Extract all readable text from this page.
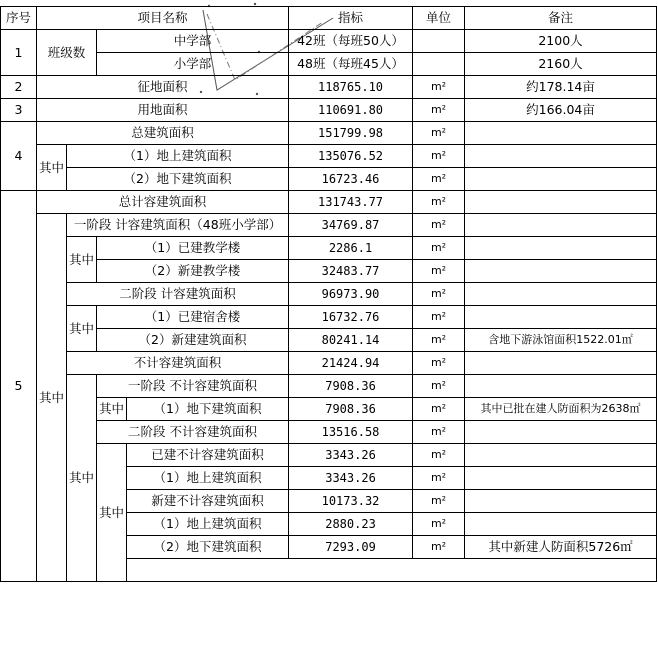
序号	项目名称				指标	单位	备注	
1	班级数		中学部		42班（每班50人）		2100人	
			小学部		48班（每班45人）		2160人	
2	征地面积				118765.10	m²	约178.14亩	
3	用地面积				110691.80	m²	约166.04亩	
4	总建筑面积				151799.98	m²		
	其中	（1）地上建筑面积			135076.52	m²		
		（2）地下建筑面积			16723.46	m²		
5	总计容建筑面积				131743.77	m²		
	其中	一阶段 计容建筑面积（48班小学部）			34769.87	m²		
		其中	（1）已建教学楼		2286.1	m²		
			（2）新建教学楼		32483.77	m²		
		二阶段 计容建筑面积			96973.90	m²		
		其中	（1）已建宿舍楼		16732.76	m²		
			（2）新建建筑面积		80241.14	m²	含地下游泳馆面积1522.01㎡	
		不计容建筑面积			21424.94	m²		
		其中	一阶段 不计容建筑面积		7908.36	m²		
			其中	（1）地下建筑面积	7908.36	m²	其中已批在建人防面积为2638㎡	
			二阶段 不计容建筑面积		13516.58	m²		
			其中	已建不计容建筑面积	3343.26	m²		
				（1）地上建筑面积	3343.26	m²		
				新建不计容建筑面积	10173.32	m²		
				（1）地上建筑面积	2880.23	m²		
				（2）地下建筑面积	7293.09	m²	其中新建人防面积5726㎡	
